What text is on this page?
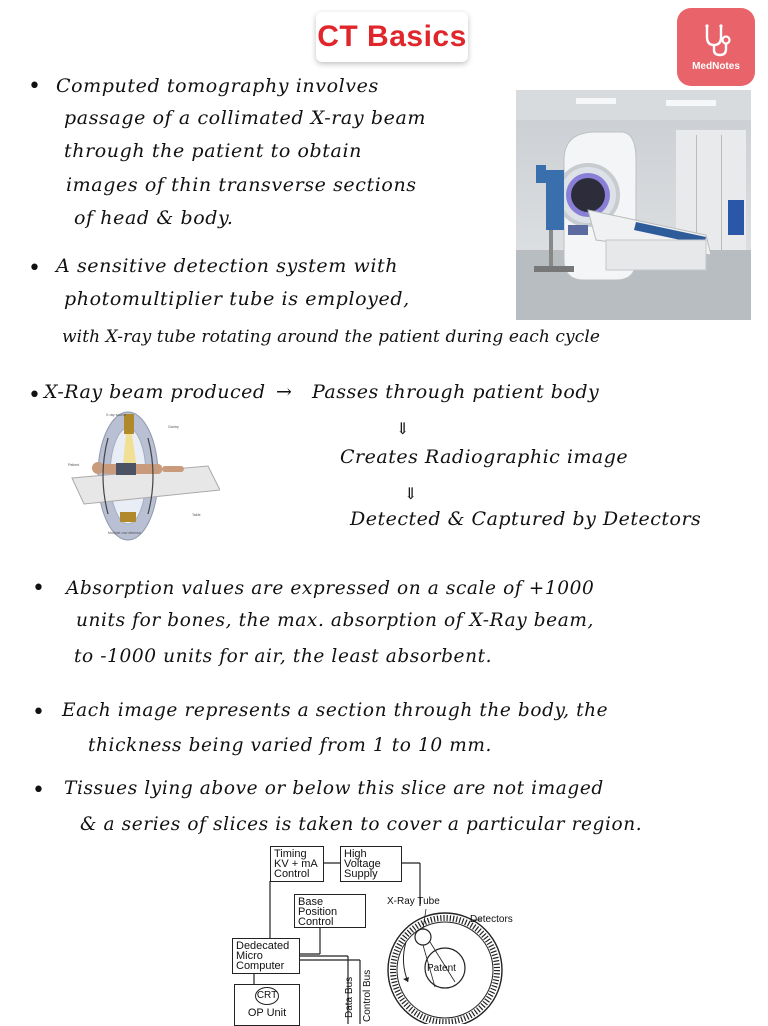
CT Basics
MedNotes
• Computed tomography involves
passage of a collimated X-ray beam
through the patient to obtain
images of thin transverse sections
of head & body.
• A sensitive detection system with
photomultiplier tube is employed,
with X-ray tube rotating around the patient during each cycle
• X-Ray beam produced → Passes through patient body
⇓
Creates Radiographic image
⇓
Detected & Captured by Detectors
X-ray source
Gantry
Patient
Table
Multiple-row detector
• Absorption values are expressed on a scale of +1000
units for bones, the max. absorption of X-Ray beam,
to -1000 units for air, the least absorbent.
• Each image represents a section through the body, the
thickness being varied from 1 to 10 mm.
• Tissues lying above or below this slice are not imaged
& a series of slices is taken to cover a particular region.
Data Bus Control Bus
X-Ray Tube
Detectors
Patent
Timing KV + mA Control
High Voltage Supply
Base Position Control
Dedecated Micro Computer
CRT
OP Unit
